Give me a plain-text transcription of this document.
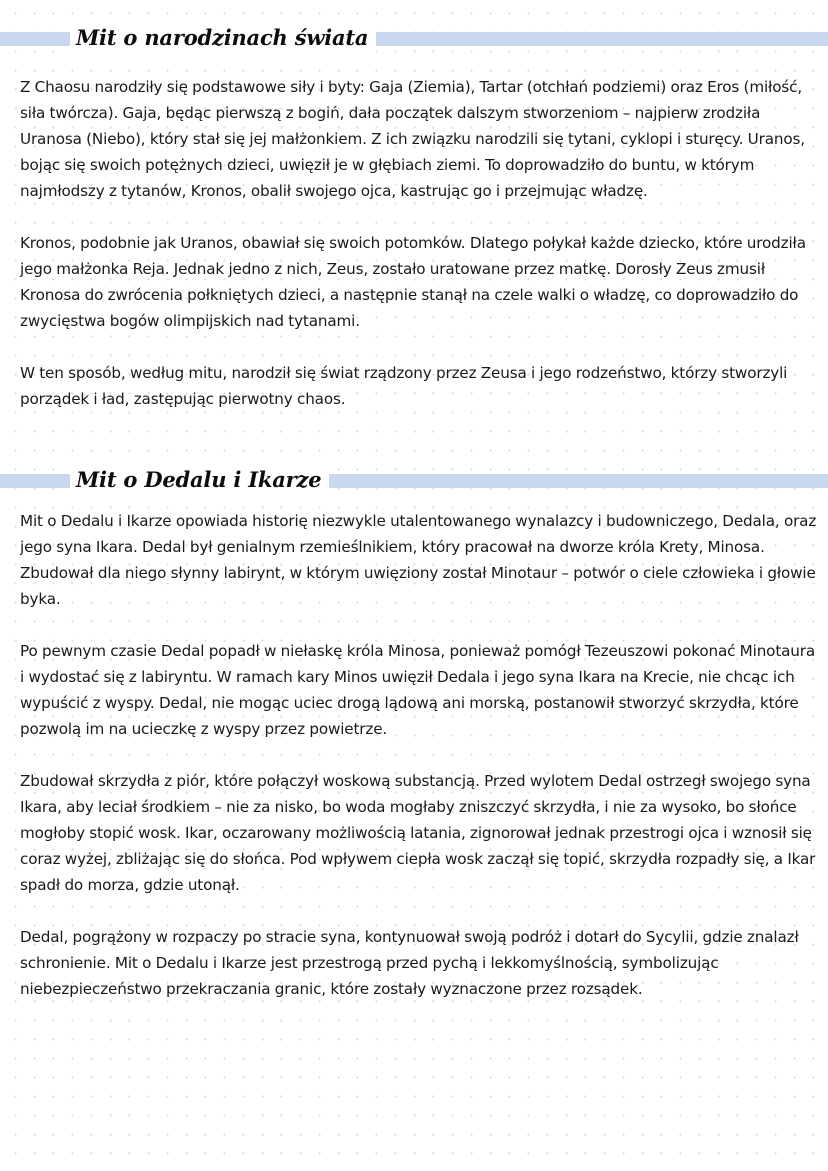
Mit o narodzinach świata

Z Chaosu narodziły się podstawowe siły i byty: Gaja (Ziemia), Tartar (otchłań podziemi) oraz Eros (miłość, siła twórcza). Gaja, będąc pierwszą z bogiń, dała początek dalszym stworzeniom – najpierw zrodziła Uranosa (Niebo), który stał się jej małżonkiem. Z ich związku narodzili się tytani, cyklopi i sturęcy. Uranos, bojąc się swoich potężnych dzieci, uwięził je w głębiach ziemi. To doprowadziło do buntu, w którym najmłodszy z tytanów, Kronos, obalił swojego ojca, kastrując go i przejmując władzę.

Kronos, podobnie jak Uranos, obawiał się swoich potomków. Dlatego połykał każde dziecko, które urodziła jego małżonka Reja. Jednak jedno z nich, Zeus, zostało uratowane przez matkę. Dorosły Zeus zmusił Kronosa do zwrócenia połkniętych dzieci, a następnie stanął na czele walki o władzę, co doprowadziło do zwycięstwa bogów olimpijskich nad tytanami.

W ten sposób, według mitu, narodził się świat rządzony przez Zeusa i jego rodzeństwo, którzy stworzyli porządek i ład, zastępując pierwotny chaos.

Mit o Dedalu i Ikarze

Mit o Dedalu i Ikarze opowiada historię niezwykle utalentowanego wynalazcy i budowniczego, Dedala, oraz jego syna Ikara. Dedal był genialnym rzemieślnikiem, który pracował na dworze króla Krety, Minosa. Zbudował dla niego słynny labirynt, w którym uwięziony został Minotaur – potwór o ciele człowieka i głowie byka.

Po pewnym czasie Dedal popadł w niełaskę króla Minosa, ponieważ pomógł Tezeuszowi pokonać Minotaura i wydostać się z labiryntu. W ramach kary Minos uwięził Dedala i jego syna Ikara na Krecie, nie chcąc ich wypuścić z wyspy. Dedal, nie mogąc uciec drogą lądową ani morską, postanowił stworzyć skrzydła, które pozwolą im na ucieczkę z wyspy przez powietrze.

Zbudował skrzydła z piór, które połączył woskową substancją. Przed wylotem Dedal ostrzegł swojego syna Ikara, aby leciał środkiem – nie za nisko, bo woda mogłaby zniszczyć skrzydła, i nie za wysoko, bo słońce mogłoby stopić wosk. Ikar, oczarowany możliwością latania, zignorował jednak przestrogi ojca i wznosił się coraz wyżej, zbliżając się do słońca. Pod wpływem ciepła wosk zaczął się topić, skrzydła rozpadły się, a Ikar spadł do morza, gdzie utonął.

Dedal, pogrążony w rozpaczy po stracie syna, kontynuował swoją podróż i dotarł do Sycylii, gdzie znalazł schronienie. Mit o Dedalu i Ikarze jest przestrogą przed pychą i lekkomyślnością, symbolizując niebezpieczeństwo przekraczania granic, które zostały wyznaczone przez rozsądek.
